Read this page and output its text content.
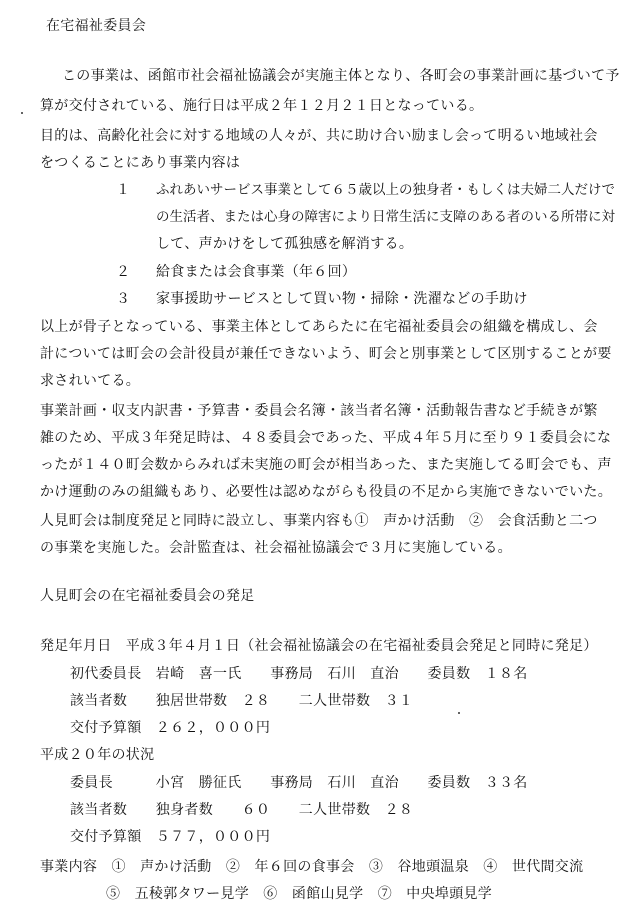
在宅福祉委員会
この事業は、函館市社会福祉協議会が実施主体となり、各町会の事業計画に基づいて予
算が交付されている、施行日は平成２年１２月２１日となっている。
目的は、高齢化社会に対する地域の人々が、共に助け合い励まし会って明るい地域社会
をつくることにあり事業内容は
１ ふれあいサービス事業として６５歳以上の独身者・もしくは夫婦二人だけで
の生活者、または心身の障害により日常生活に支障のある者のいる所帯に対
して、声かけをして孤独感を解消する。
２ 給食または会食事業（年６回）
３ 家事援助サービスとして買い物・掃除・洗濯などの手助け
以上が骨子となっている、事業主体としてあらたに在宅福祉委員会の組織を構成し、会
計については町会の会計役員が兼任できないよう、町会と別事業として区別することが要
求されいてる。
事業計画・収支内訳書・予算書・委員会名簿・該当者名簿・活動報告書など手続きが繁
雑のため、平成３年発足時は、４８委員会であった、平成４年５月に至り９１委員会にな
ったが１４０町会数からみれば未実施の町会が相当あった、また実施してる町会でも、声
かけ運動のみの組織もあり、必要性は認めながらも役員の不足から実施できないでいた。
人見町会は制度発足と同時に設立し、事業内容も①　声かけ活動　②　会食活動と二つ
の事業を実施した。会計監査は、社会福祉協議会で３月に実施している。
人見町会の在宅福祉委員会の発足
発足年月日　平成３年４月１日（社会福祉協議会の在宅福祉委員会発足と同時に発足）
初代委員長　岩崎　喜一氏　　事務局　石川　直治　　委員数　１８名
該当者数　　独居世帯数　２８　　二人世帯数　３１
交付予算額　２６２，０００円
平成２０年の状況
委員長　　　小宮　勝征氏　　事務局　石川　直治　　委員数　３３名
該当者数　　独身者数　　６０　　二人世帯数　２８
交付予算額　５７７，０００円
事業内容　①　声かけ活動　②　年６回の食事会　③　谷地頭温泉　④　世代間交流
⑤　五稜郭タワー見学　⑥　函館山見学　⑦　中央埠頭見学
